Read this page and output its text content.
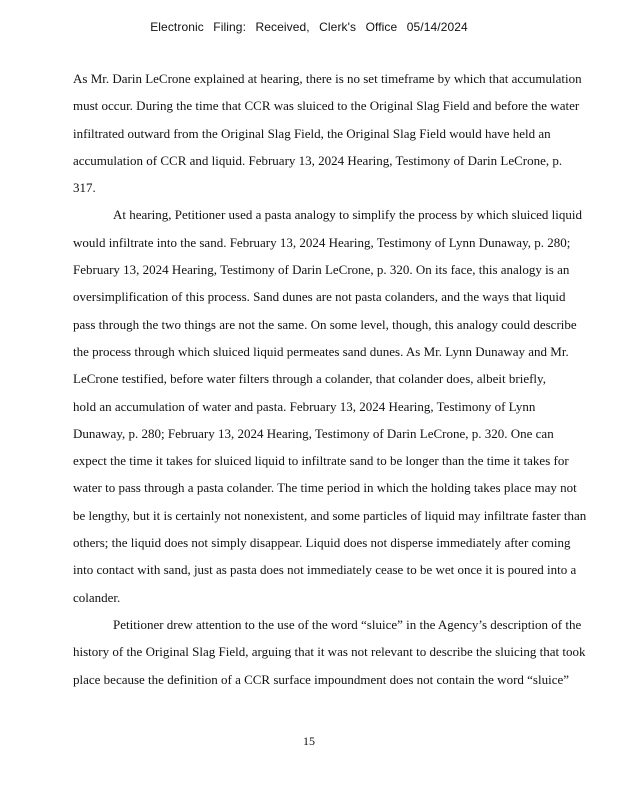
Electronic Filing: Received, Clerk's Office 05/14/2024
As Mr. Darin LeCrone explained at hearing, there is no set timeframe by which that accumulation
must occur. During the time that CCR was sluiced to the Original Slag Field and before the water
infiltrated outward from the Original Slag Field, the Original Slag Field would have held an
accumulation of CCR and liquid. February 13, 2024 Hearing, Testimony of Darin LeCrone, p.
317.
At hearing, Petitioner used a pasta analogy to simplify the process by which sluiced liquid
would infiltrate into the sand. February 13, 2024 Hearing, Testimony of Lynn Dunaway, p. 280;
February 13, 2024 Hearing, Testimony of Darin LeCrone, p. 320. On its face, this analogy is an
oversimplification of this process. Sand dunes are not pasta colanders, and the ways that liquid
pass through the two things are not the same. On some level, though, this analogy could describe
the process through which sluiced liquid permeates sand dunes. As Mr. Lynn Dunaway and Mr.
LeCrone testified, before water filters through a colander, that colander does, albeit briefly,
hold an accumulation of water and pasta. February 13, 2024 Hearing, Testimony of Lynn
Dunaway, p. 280; February 13, 2024 Hearing, Testimony of Darin LeCrone, p. 320. One can
expect the time it takes for sluiced liquid to infiltrate sand to be longer than the time it takes for
water to pass through a pasta colander. The time period in which the holding takes place may not
be lengthy, but it is certainly not nonexistent, and some particles of liquid may infiltrate faster than
others; the liquid does not simply disappear. Liquid does not disperse immediately after coming
into contact with sand, just as pasta does not immediately cease to be wet once it is poured into a
colander.
Petitioner drew attention to the use of the word “sluice” in the Agency’s description of the
history of the Original Slag Field, arguing that it was not relevant to describe the sluicing that took
place because the definition of a CCR surface impoundment does not contain the word “sluice”
15
